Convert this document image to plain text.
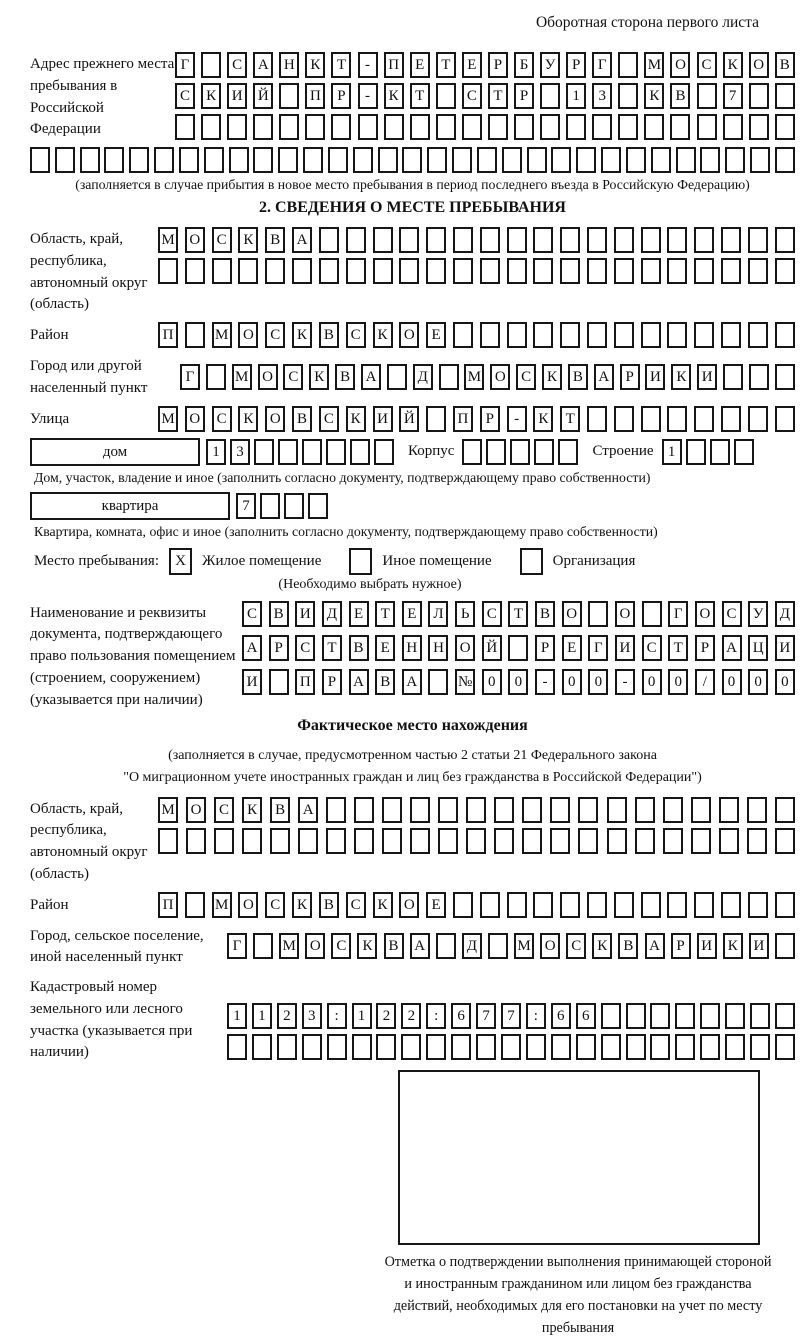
Оборотная сторона первого листа
Адрес прежнего места пребывания в Российской Федерации
Г	С	А	Н	К	Т	-	П	Е	Т	Е	Р	Б	У	Р	Г	М О	С	К	О	В
С	К	И	Й	П	Р	-	К	Т	С	Т	Р	1	3	К	В	7
(заполняется в случае прибытия в новое место пребывания в период последнего въезда в Российскую Федерацию)
2. СВЕДЕНИЯ О МЕСТЕ ПРЕБЫВАНИЯ
Область, край, республика, автономный округ (область)
М О	С	К	В	А
Район	П	М О	С	К	В	С	К	О	Е
Город или другой населенный пункт
Г	М О	С	К	В	А	Д	М О	С	К	В	А	Р	И	К	И
Улица	М О	С	К	О	В	С	К	И	Й	П	Р	-	К	Т
дом	1	3	Корпус	Строение 1
Дом, участок, владение и иное (заполнить согласно документу, подтверждающему право собственности)
квартира	7
Квартира, комната, офис и иное (заполнить согласно документу, подтверждающему право собственности)
Место пребывания:	X	Жилое помещение	Иное помещение	Организация
(Необходимо выбрать нужное)
Наименование и реквизиты документа, подтверждающего право пользования помещением (строением, сооружением) (указывается при наличии)
С	В	И	Д	Е	Т	Е	Л	Ь	С	Т	В	О	О	Г	О	С	У	Д
А	Р	С	Т	В	Е	Н	Н	О	Й	Р	Е	Г	И	С	Т	Р	А	Ц	И
И	П	Р	А	В	А	№	0	0	-	0	0	-	0	0	/	0	0	0
Фактическое место нахождения
(заполняется в случае, предусмотренном частью 2 статьи 21 Федерального закона
"О миграционном учете иностранных граждан и лиц без гражданства в Российской Федерации")
Область, край, республика, автономный округ (область)
М	О	С	К	В	А
Район	П	М О	С	К	В	С	К	О	Е
Город, сельское поселение, иной населенный пункт
Г	М О	С	К	В	А	Д	М О	С	К	В	А	Р	И	К	И
Кадастровый номер земельного или лесного участка (указывается при наличии)
1	1	2	3	:	1	2	2	:	6	7	7	:	6	6
Отметка о подтверждении выполнения принимающей стороной и иностранным гражданином или лицом без гражданства действий, необходимых для его постановки на учет по месту пребывания
